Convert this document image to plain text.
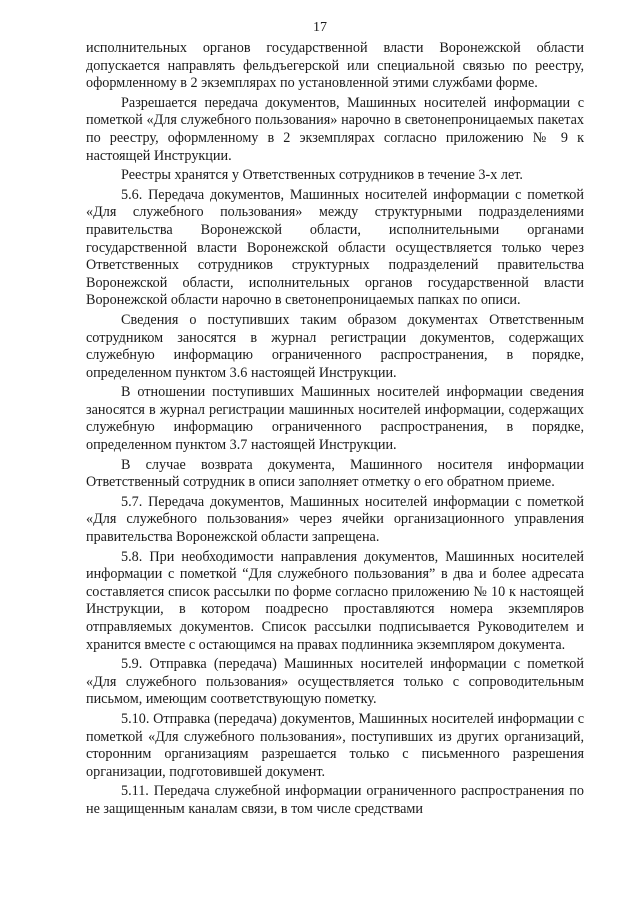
17

исполнительных органов государственной власти Воронежской области допускается направлять фельдъегерской или специальной связью по реестру, оформленному в 2 экземплярах по установленной этими службами форме.

Разрешается передача документов, Машинных носителей информации с пометкой «Для служебного пользования» нарочно в светонепроницаемых пакетах по реестру, оформленному в 2 экземплярах согласно приложению № 9 к настоящей Инструкции.

Реестры хранятся у Ответственных сотрудников в течение 3-х лет.

5.6. Передача документов, Машинных носителей информации с пометкой «Для служебного пользования» между структурными подразделениями правительства Воронежской области, исполнительными органами государственной власти Воронежской области осуществляется только через Ответственных сотрудников структурных подразделений правительства Воронежской области, исполнительных органов государственной власти Воронежской области нарочно в светонепроницаемых папках по описи.

Сведения о поступивших таким образом документах Ответственным сотрудником заносятся в журнал регистрации документов, содержащих служебную информацию ограниченного распространения, в порядке, определенном пунктом 3.6 настоящей Инструкции.

В отношении поступивших Машинных носителей информации сведения заносятся в журнал регистрации машинных носителей информации, содержащих служебную информацию ограниченного распространения, в порядке, определенном пунктом 3.7 настоящей Инструкции.

В случае возврата документа, Машинного носителя информации Ответственный сотрудник в описи заполняет отметку о его обратном приеме.

5.7. Передача документов, Машинных носителей информации с пометкой «Для служебного пользования» через ячейки организационного управления правительства Воронежской области запрещена.

5.8. При необходимости направления документов, Машинных носителей информации с пометкой “Для служебного пользования” в два и более адресата составляется список рассылки по форме согласно приложению № 10 к настоящей Инструкции, в котором поадресно проставляются номера экземпляров отправляемых документов. Список рассылки подписывается Руководителем и хранится вместе с остающимся на правах подлинника экземпляром документа.

5.9. Отправка (передача) Машинных носителей информации с пометкой «Для служебного пользования» осуществляется только с сопроводительным письмом, имеющим соответствующую пометку.

5.10. Отправка (передача) документов, Машинных носителей информации с пометкой «Для служебного пользования», поступивших из других организаций, сторонним организациям разрешается только с письменного разрешения организации, подготовившей документ.

5.11. Передача служебной информации ограниченного распространения по не защищенным каналам связи, в том числе средствами
